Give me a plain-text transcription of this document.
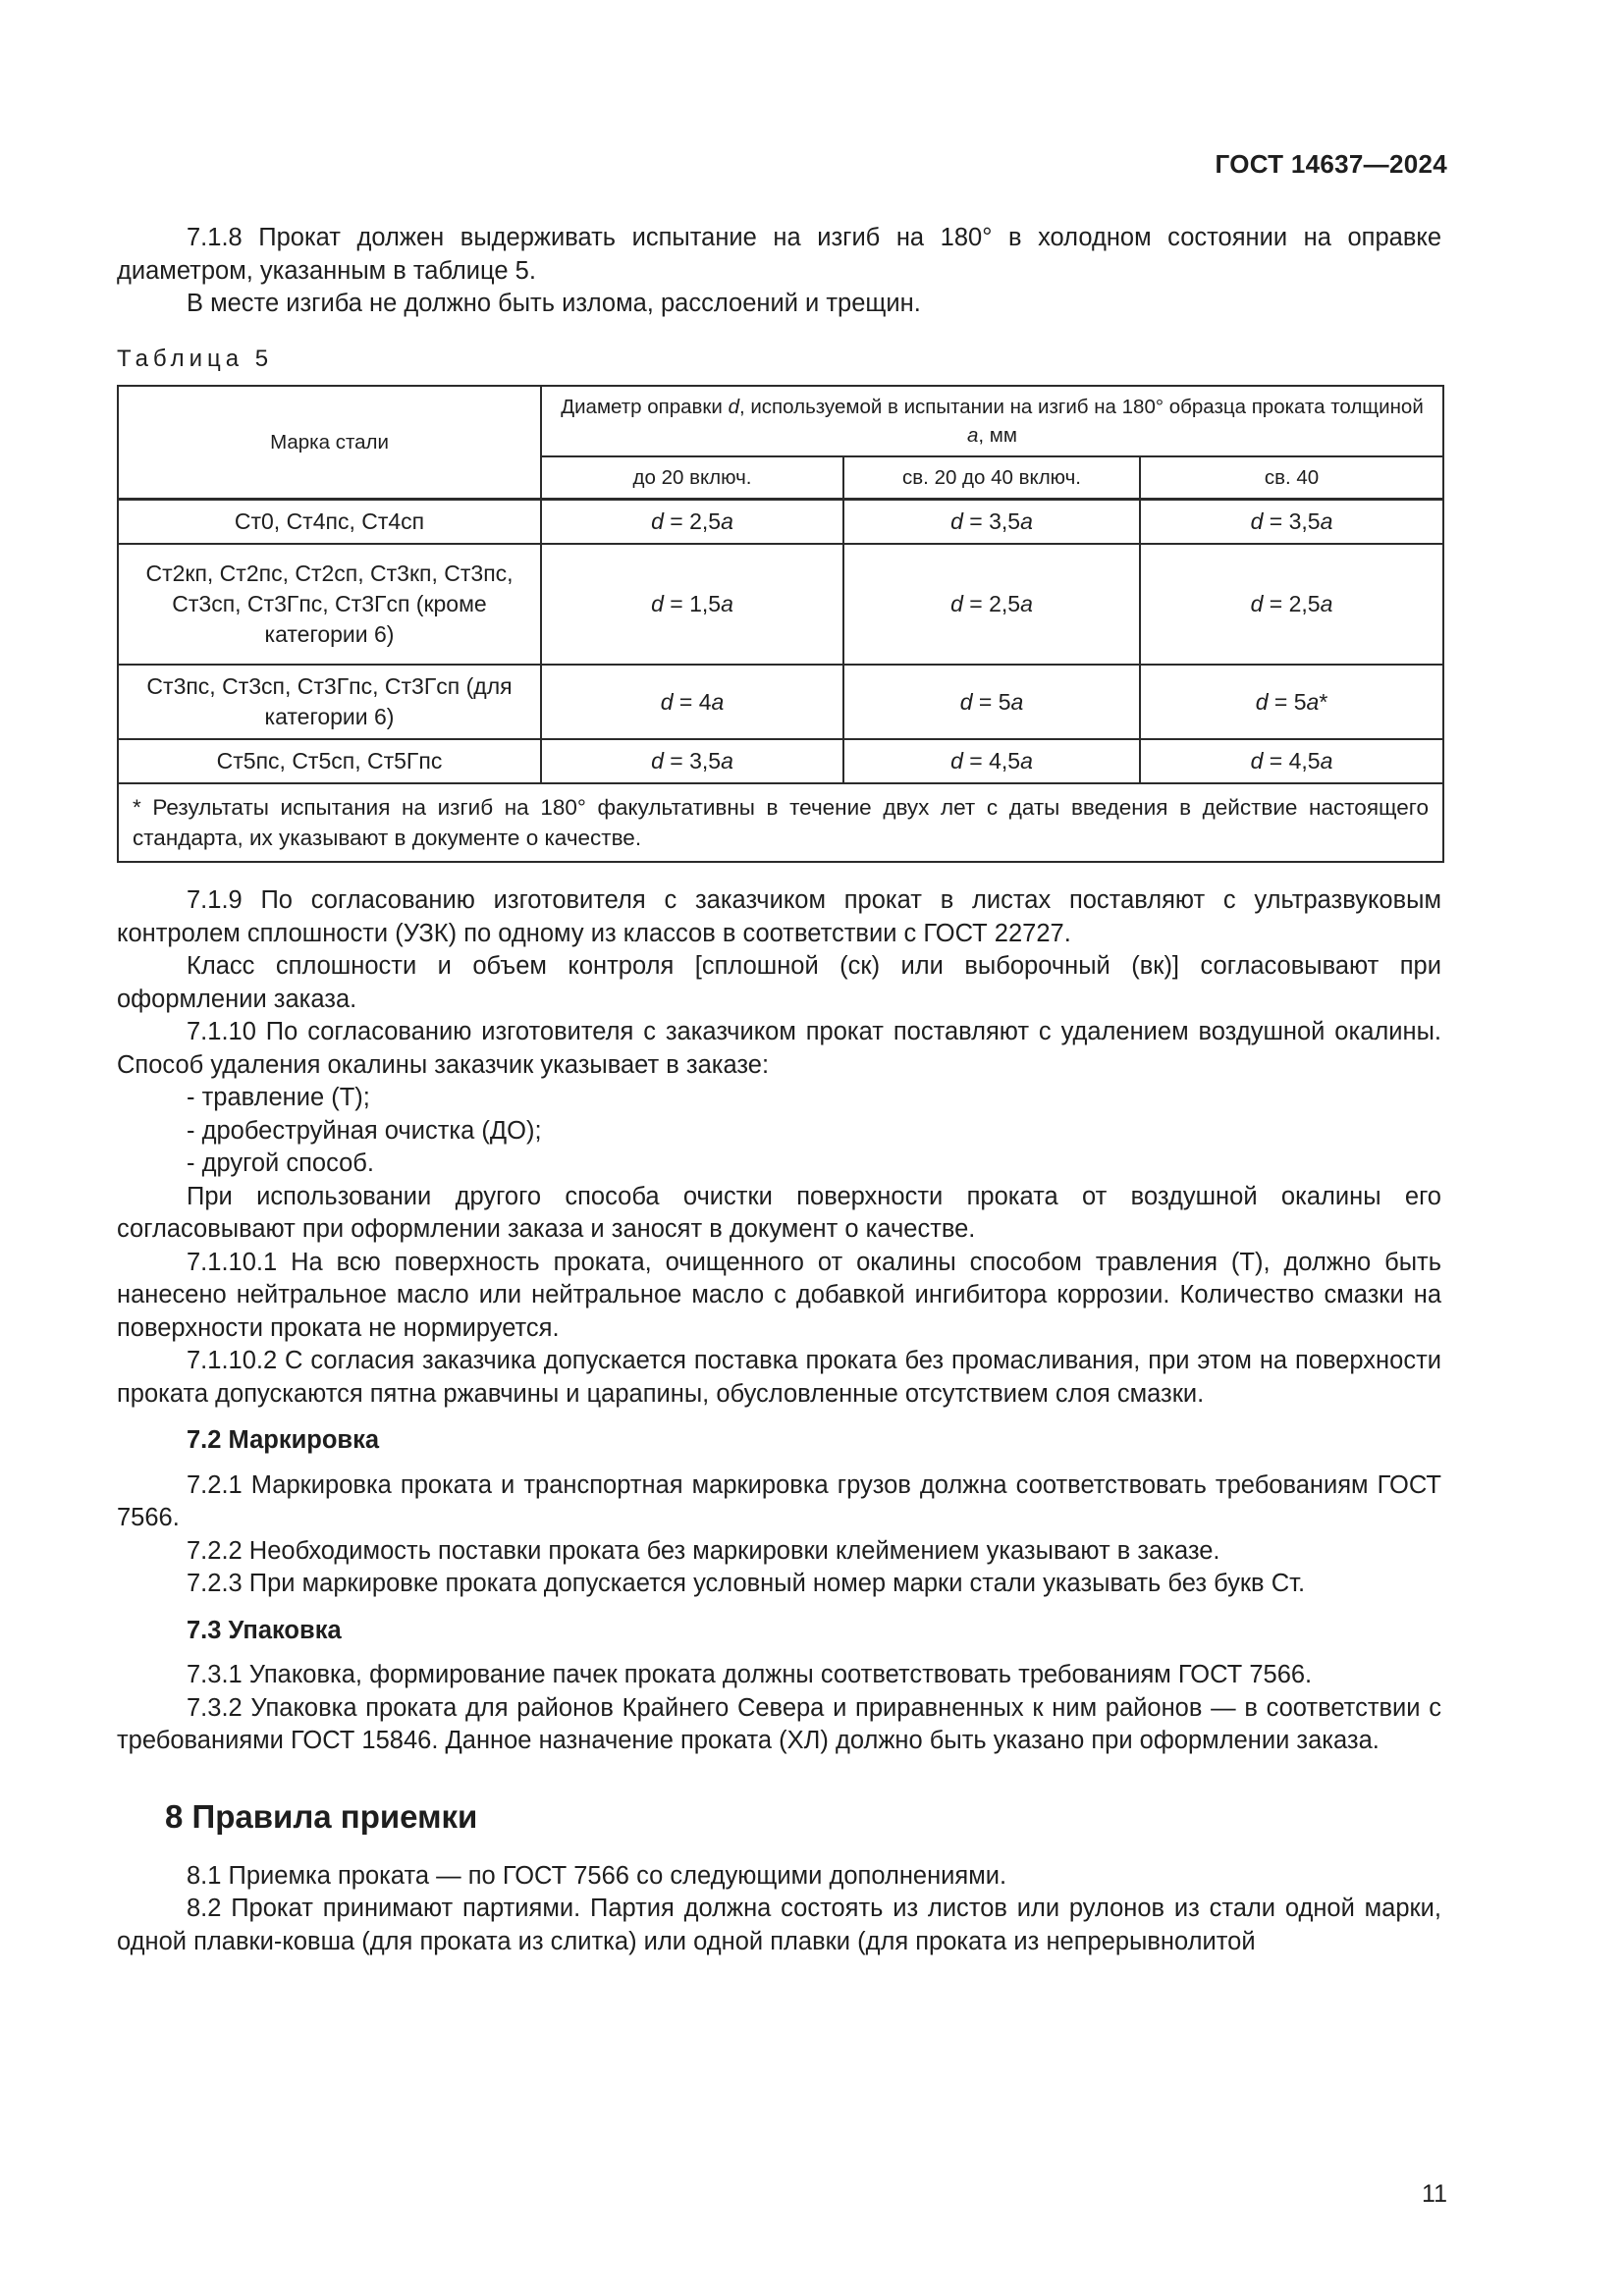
ГОСТ 14637—2024

7.1.8 Прокат должен выдерживать испытание на изгиб на 180° в холодном состоянии на оправке диаметром, указанным в таблице 5.

В месте изгиба не должно быть излома, расслоений и трещин.

Таблица 5

Марка стали	Диаметр оправки d, используемой в испытании на изгиб на 180° образца проката толщиной a, мм		
	до 20 включ.	св. 20 до 40 включ.	св. 40
Ст0, Ст4пс, Ст4сп	d = 2,5a	d = 3,5a	d = 3,5a
Ст2кп, Ст2пс, Ст2сп, Ст3кп, Ст3пс, Ст3сп, Ст3Гпс, Ст3Гсп (кроме категории 6)	d = 1,5a	d = 2,5a	d = 2,5a
Ст3пс, Ст3сп, Ст3Гпс, Ст3Гсп (для категории 6)	d = 4a	d = 5a	d = 5a*
Ст5пс, Ст5сп, Ст5Гпс	d = 3,5a	d = 4,5a	d = 4,5a
* Результаты испытания на изгиб на 180° факультативны в течение двух лет с даты введения в действие настоящего стандарта, их указывают в документе о качестве.			

7.1.9 По согласованию изготовителя с заказчиком прокат в листах поставляют с ультразвуковым контролем сплошности (УЗК) по одному из классов в соответствии с ГОСТ 22727.

Класс сплошности и объем контроля [сплошной (ск) или выборочный (вк)] согласовывают при оформлении заказа.

7.1.10 По согласованию изготовителя с заказчиком прокат поставляют с удалением воздушной окалины. Способ удаления окалины заказчик указывает в заказе:

- травление (Т);

- дробеструйная очистка (ДО);

- другой способ.

При использовании другого способа очистки поверхности проката от воздушной окалины его согласовывают при оформлении заказа и заносят в документ о качестве.

7.1.10.1 На всю поверхность проката, очищенного от окалины способом травления (Т), должно быть нанесено нейтральное масло или нейтральное масло с добавкой ингибитора коррозии. Количество смазки на поверхности проката не нормируется.

7.1.10.2 С согласия заказчика допускается поставка проката без промасливания, при этом на поверхности проката допускаются пятна ржавчины и царапины, обусловленные отсутствием слоя смазки.

7.2 Маркировка

7.2.1 Маркировка проката и транспортная маркировка грузов должна соответствовать требованиям ГОСТ 7566.

7.2.2 Необходимость поставки проката без маркировки клеймением указывают в заказе.

7.2.3 При маркировке проката допускается условный номер марки стали указывать без букв Ст.

7.3 Упаковка

7.3.1 Упаковка, формирование пачек проката должны соответствовать требованиям ГОСТ 7566.

7.3.2 Упаковка проката для районов Крайнего Севера и приравненных к ним районов — в соответствии с требованиями ГОСТ 15846. Данное назначение проката (ХЛ) должно быть указано при оформлении заказа.

8 Правила приемки

8.1 Приемка проката — по ГОСТ 7566 со следующими дополнениями.

8.2 Прокат принимают партиями. Партия должна состоять из листов или рулонов из стали одной марки, одной плавки-ковша (для проката из слитка) или одной плавки (для проката из непрерывнолитой

11
